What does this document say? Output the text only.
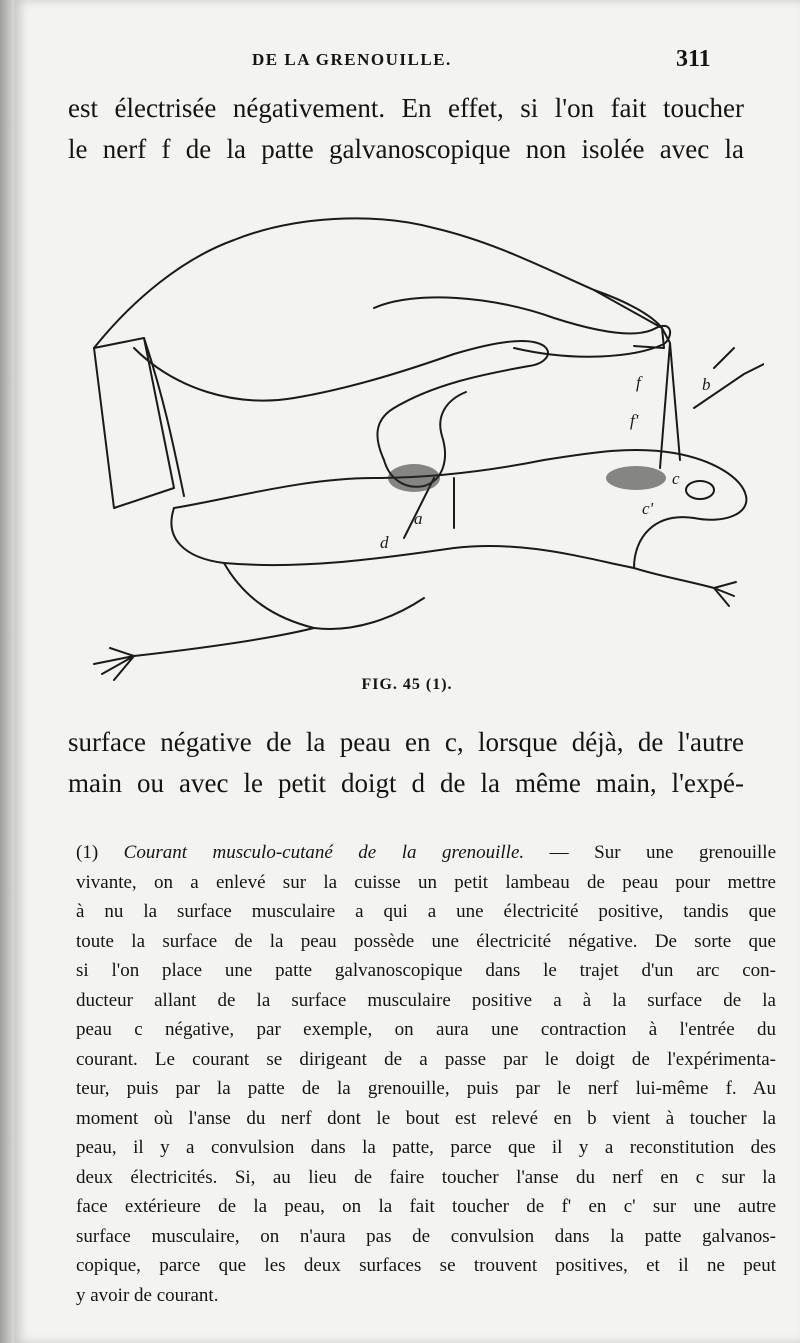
DE LA GRENOUILLE.	311
est électrisée négativement. En effet, si l'on fait toucher
le nerf f de la patte galvanoscopique non isolée avec la
a
d
c
c'
f
f'
b
FIG. 45 (1).
surface négative de la peau en c, lorsque déjà, de l'autre
main ou avec le petit doigt d de la même main, l'expé-
(1) Courant musculo-cutané de la grenouille. — Sur une grenouille
vivante, on a enlevé sur la cuisse un petit lambeau de peau pour mettre
à nu la surface musculaire a qui a une électricité positive, tandis que
toute la surface de la peau possède une électricité négative. De sorte que
si l'on place une patte galvanoscopique dans le trajet d'un arc con-
ducteur allant de la surface musculaire positive a à la surface de la
peau c négative, par exemple, on aura une contraction à l'entrée du
courant. Le courant se dirigeant de a passe par le doigt de l'expérimenta-
teur, puis par la patte de la grenouille, puis par le nerf lui-même f. Au
moment où l'anse du nerf dont le bout est relevé en b vient à toucher la
peau, il y a convulsion dans la patte, parce que il y a reconstitution des
deux électricités. Si, au lieu de faire toucher l'anse du nerf en c sur la
face extérieure de la peau, on la fait toucher de f' en c' sur une autre
surface musculaire, on n'aura pas de convulsion dans la patte galvanos-
copique, parce que les deux surfaces se trouvent positives, et il ne peut
y avoir de courant.
